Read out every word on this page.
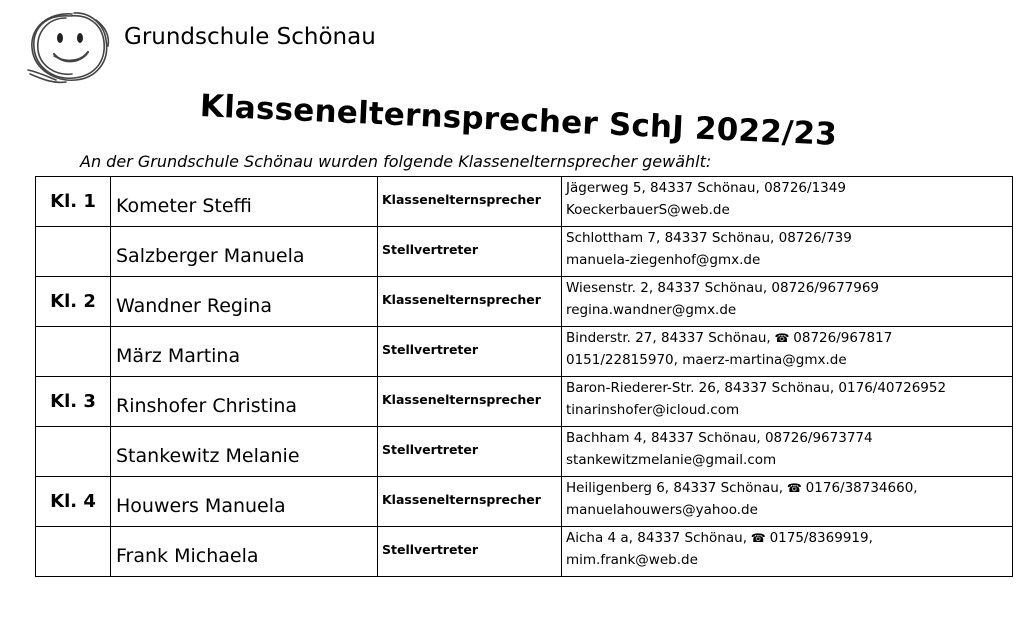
Grundschule Schönau
Klassenelternsprecher SchJ 2022/23
An der Grundschule Schönau wurden folgende Klassenelternsprecher gewählt:
Kl. 1	Kometer Steffi	Klassenelternsprecher	Jägerweg 5, 84337 Schönau, 08726/1349
KoeckerbauerS@web.de

	Salzberger Manuela	Stellvertreter	Schlottham 7, 84337 Schönau, 08726/739
manuela-ziegenhof@gmx.de

Kl. 2	Wandner Regina	Klassenelternsprecher	Wiesenstr. 2, 84337 Schönau, 08726/9677969
regina.wandner@gmx.de

	März Martina	Stellvertreter	Binderstr. 27, 84337 Schönau, ☎ 08726/967817
0151/22815970, maerz-martina@gmx.de

Kl. 3	Rinshofer Christina	Klassenelternsprecher	Baron-Riederer-Str. 26, 84337 Schönau, 0176/40726952
tinarinshofer@icloud.com

	Stankewitz Melanie	Stellvertreter	Bachham 4, 84337 Schönau, 08726/9673774
stankewitzmelanie@gmail.com

Kl. 4	Houwers Manuela	Klassenelternsprecher	Heiligenberg 6, 84337 Schönau, ☎ 0176/38734660,
manuelahouwers@yahoo.de

	Frank Michaela	Stellvertreter	Aicha 4 a, 84337 Schönau, ☎ 0175/8369919,
mim.frank@web.de
